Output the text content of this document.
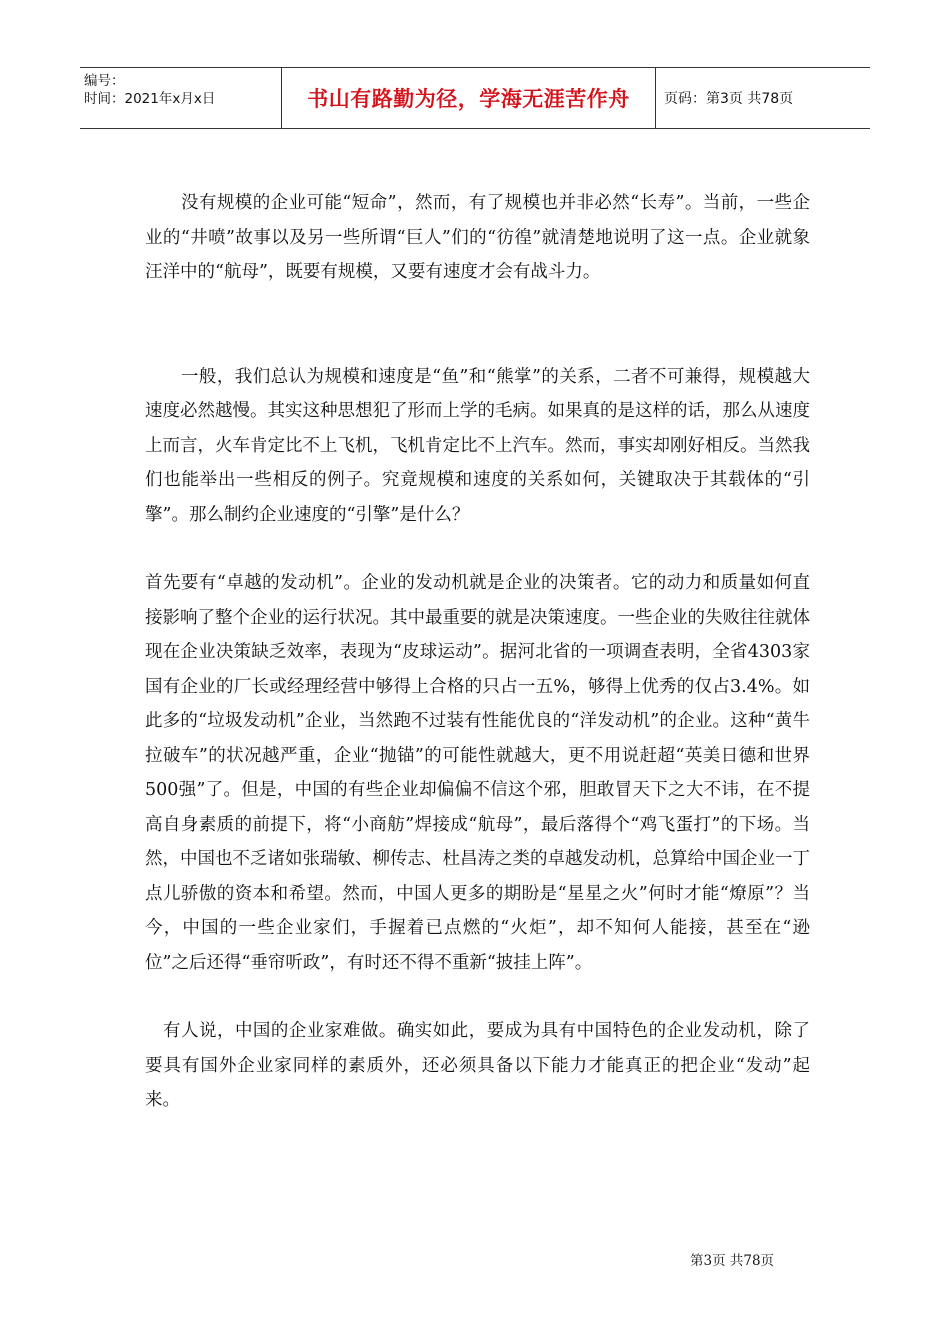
编号：
时间：2021年x月x日	书山有路勤为径，学海无涯苦作舟	页码：第3页 共78页

没有规模的企业可能“短命”，然而，有了规模也并非必然“长寿”。当前，一些企业的“井喷”故事以及另一些所谓“巨人”们的“彷徨”就清楚地说明了这一点。企业就象汪洋中的“航母”，既要有规模，又要有速度才会有战斗力。

一般，我们总认为规模和速度是“鱼”和“熊掌”的关系，二者不可兼得，规模越大速度必然越慢。其实这种思想犯了形而上学的毛病。如果真的是这样的话，那么从速度上而言，火车肯定比不上飞机，飞机肯定比不上汽车。然而，事实却刚好相反。当然我们也能举出一些相反的例子。究竟规模和速度的关系如何，关键取决于其载体的“引擎”。那么制约企业速度的“引擎”是什么？

首先要有“卓越的发动机”。企业的发动机就是企业的决策者。它的动力和质量如何直接影响了整个企业的运行状况。其中最重要的就是决策速度。一些企业的失败往往就体现在企业决策缺乏效率，表现为“皮球运动”。据河北省的一项调查表明，全省4303家国有企业的厂长或经理经营中够得上合格的只占一五%，够得上优秀的仅占3.4%。如此多的“垃圾发动机”企业，当然跑不过装有性能优良的“洋发动机”的企业。这种“黄牛拉破车”的状况越严重，企业“抛锚”的可能性就越大，更不用说赶超“英美日德和世界500强”了。但是，中国的有些企业却偏偏不信这个邪，胆敢冒天下之大不讳，在不提高自身素质的前提下，将“小商舫”焊接成“航母”，最后落得个“鸡飞蛋打”的下场。当然，中国也不乏诸如张瑞敏、柳传志、杜昌涛之类的卓越发动机，总算给中国企业一丁点儿骄傲的资本和希望。然而，中国人更多的期盼是“星星之火”何时才能“燎原”？当今，中国的一些企业家们，手握着已点燃的“火炬”，却不知何人能接，甚至在“逊位”之后还得“垂帘听政”，有时还不得不重新“披挂上阵”。

有人说，中国的企业家难做。确实如此，要成为具有中国特色的企业发动机，除了要具有国外企业家同样的素质外，还必须具备以下能力才能真正的把企业“发动”起来。

第3页 共78页
